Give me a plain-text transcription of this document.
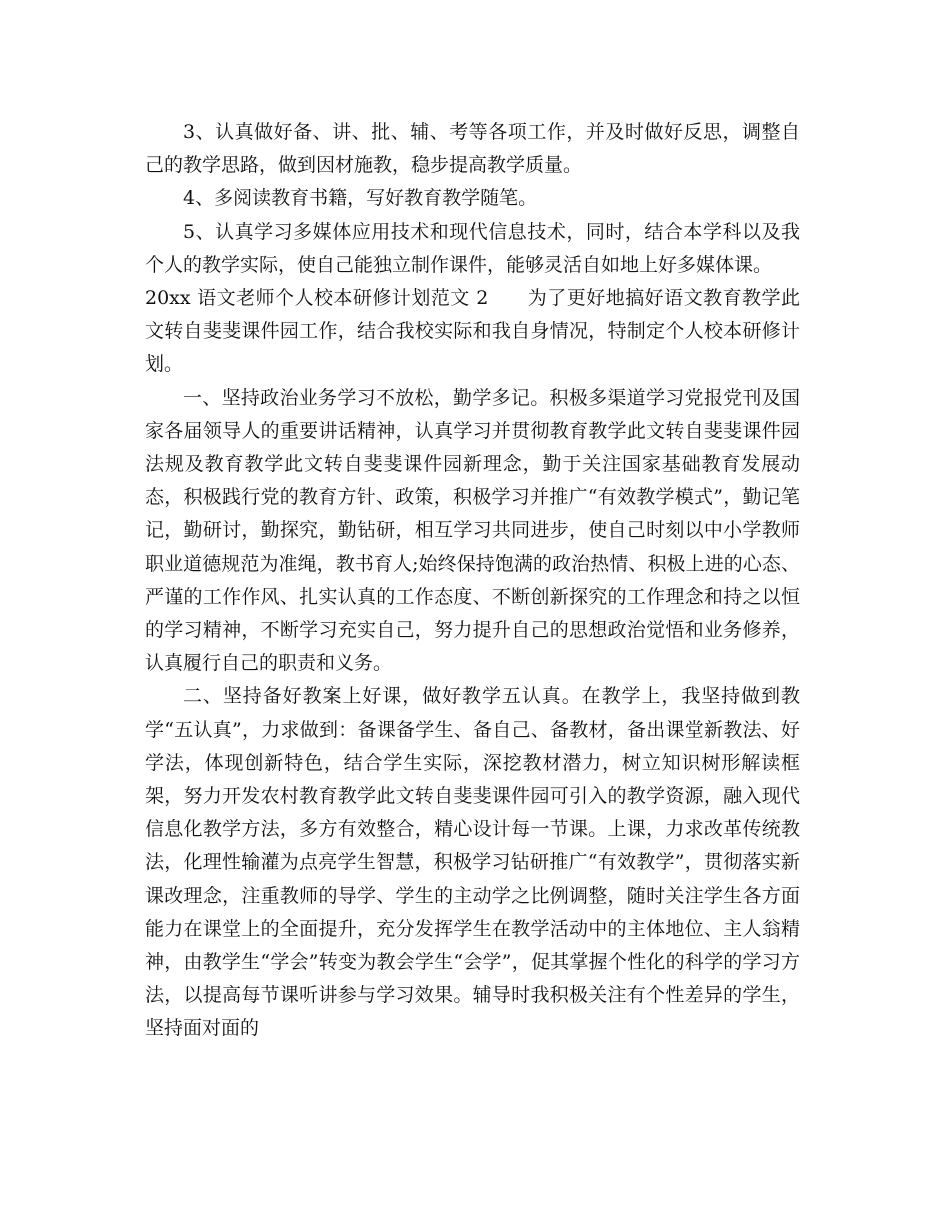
3、认真做好备、讲、批、辅、考等各项工作，并及时做好反思，调整自己的教学思路，做到因材施教，稳步提高教学质量。

4、多阅读教育书籍，写好教育教学随笔。

5、认真学习多媒体应用技术和现代信息技术，同时，结合本学科以及我个人的教学实际，使自己能独立制作课件，能够灵活自如地上好多媒体课。

20xx 语文老师个人校本研修计划范文 2　　为了更好地搞好语文教育教学此文转自斐斐课件园工作，结合我校实际和我自身情况，特制定个人校本研修计划。

一、坚持政治业务学习不放松，勤学多记。积极多渠道学习党报党刊及国家各届领导人的重要讲话精神，认真学习并贯彻教育教学此文转自斐斐课件园法规及教育教学此文转自斐斐课件园新理念，勤于关注国家基础教育发展动态，积极践行党的教育方针、政策，积极学习并推广“有效教学模式”，勤记笔记，勤研讨，勤探究，勤钻研，相互学习共同进步，使自己时刻以中小学教师职业道德规范为准绳，教书育人;始终保持饱满的政治热情、积极上进的心态、严谨的工作作风、扎实认真的工作态度、不断创新探究的工作理念和持之以恒的学习精神，不断学习充实自己，努力提升自己的思想政治觉悟和业务修养，认真履行自己的职责和义务。

二、坚持备好教案上好课，做好教学五认真。在教学上，我坚持做到教学“五认真”，力求做到：备课备学生、备自己、备教材，备出课堂新教法、好学法，体现创新特色，结合学生实际，深挖教材潜力，树立知识树形解读框架，努力开发农村教育教学此文转自斐斐课件园可引入的教学资源，融入现代信息化教学方法，多方有效整合，精心设计每一节课。上课，力求改革传统教法，化理性输灌为点亮学生智慧，积极学习钻研推广“有效教学”，贯彻落实新课改理念，注重教师的导学、学生的主动学之比例调整，随时关注学生各方面能力在课堂上的全面提升，充分发挥学生在教学活动中的主体地位、主人翁精神，由教学生“学会”转变为教会学生“会学”，促其掌握个性化的科学的学习方法，以提高每节课听讲参与学习效果。辅导时我积极关注有个性差异的学生，坚持面对面的
